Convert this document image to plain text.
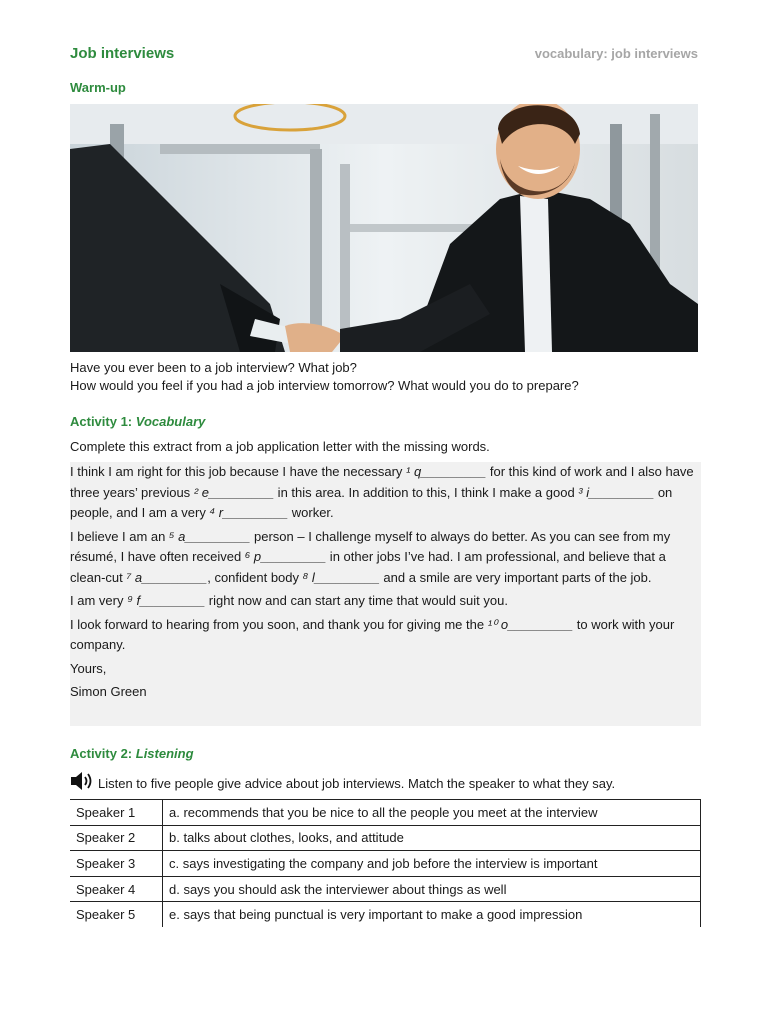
Job interviews	vocabulary: job interviews
Warm-up
Have you ever been to a job interview? What job?
How would you feel if you had a job interview tomorrow? What would you do to prepare?
Activity 1: Vocabulary
Complete this extract from a job application letter with the missing words.

I think I am right for this job because I have the necessary ¹ q_________ for this kind of work and I also have three years’ previous ² e_________ in this area. In addition to this, I think I make a good ³ i_________ on people, and I am a very ⁴ r_________ worker.

I believe I am an ⁵ a_________ person – I challenge myself to always do better. As you can see from my résumé, I have often received ⁶ p_________ in other jobs I’ve had. I am professional, and believe that a clean-cut ⁷ a_________, confident body ⁸ l_________ and a smile are very important parts of the job.

I am very ⁹ f_________ right now and can start any time that would suit you.

I look forward to hearing from you soon, and thank you for giving me the ¹⁰ o_________ to work with your company.

Yours,

Simon Green

Activity 2: Listening
Listen to five people give advice about job interviews. Match the speaker to what they say.
Speaker 1	a. recommends that you be nice to all the people you meet at the interview
Speaker 2	b. talks about clothes, looks, and attitude
Speaker 3	c. says investigating the company and job before the interview is important
Speaker 4	d. says you should ask the interviewer about things as well
Speaker 5	e. says that being punctual is very important to make a good impression
